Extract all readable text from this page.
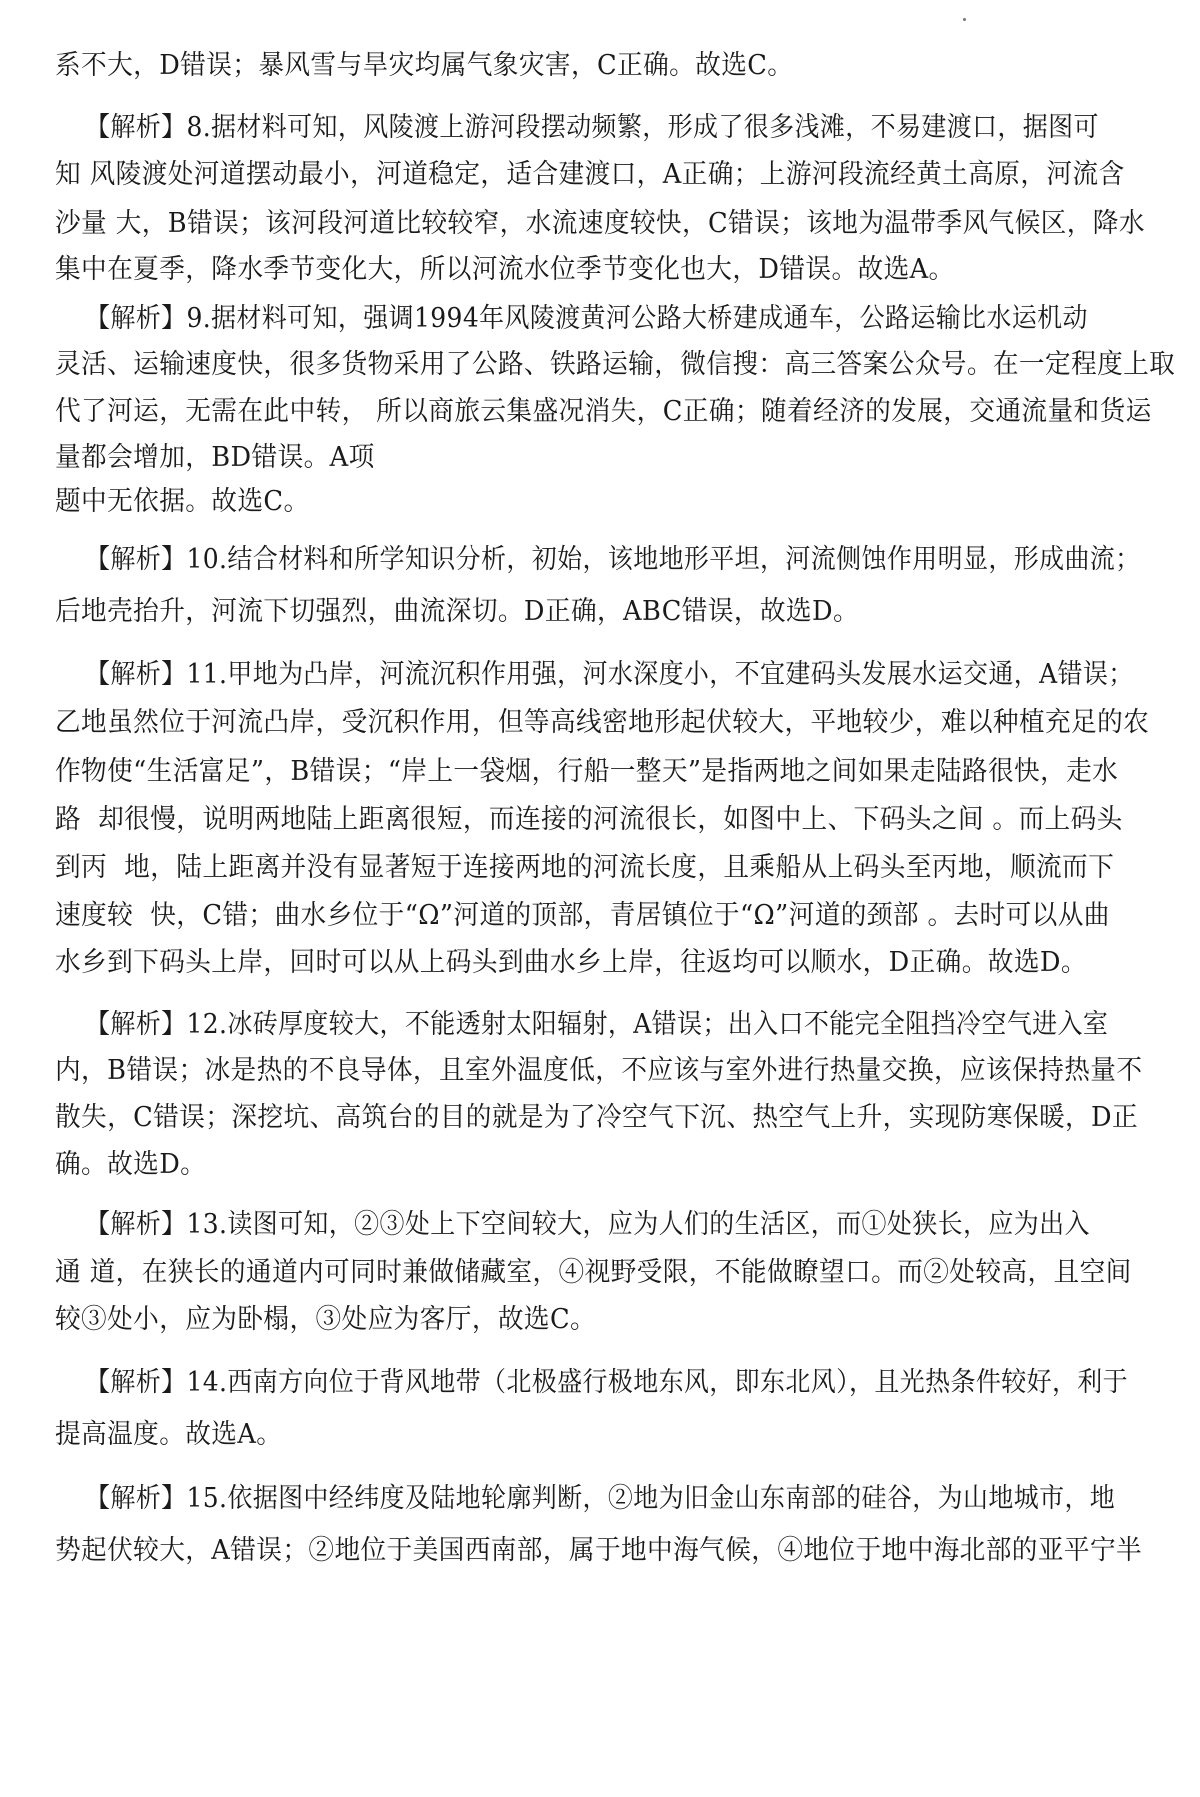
系不大，D错误；暴风雪与旱灾均属气象灾害，C正确。故选C。
【解析】8.据材料可知，风陵渡上游河段摆动频繁，形成了很多浅滩，不易建渡口，据图可
知 风陵渡处河道摆动最小，河道稳定，适合建渡口，A正确；上游河段流经黄土高原，河流含
沙量 大，B错误；该河段河道比较较窄，水流速度较快，C错误；该地为温带季风气候区，降水
集中在夏季，降水季节变化大，所以河流水位季节变化也大，D错误。故选A。
【解析】9.据材料可知，强调1994年风陵渡黄河公路大桥建成通车，公路运输比水运机动
灵活、运输速度快，很多货物采用了公路、铁路运输，微信搜：高三答案公众号。在一定程度上取
代了河运，无需在此中转， 所以商旅云集盛况消失，C正确；随着经济的发展，交通流量和货运
量都会增加，BD错误。A项
题中无依据。故选C。
【解析】10.结合材料和所学知识分析，初始，该地地形平坦，河流侧蚀作用明显，形成曲流；
后地壳抬升，河流下切强烈，曲流深切。D正确，ABC错误，故选D。
【解析】11.甲地为凸岸，河流沉积作用强，河水深度小，不宜建码头发展水运交通，A错误；
乙地虽然位于河流凸岸，受沉积作用，但等高线密地形起伏较大，平地较少，难以种植充足的农
作物使“生活富足”，B错误；“岸上一袋烟，行船一整天”是指两地之间如果走陆路很快，走水
路  却很慢，说明两地陆上距离很短，而连接的河流很长，如图中上、下码头之间 。而上码头
到丙  地，陆上距离并没有显著短于连接两地的河流长度，且乘船从上码头至丙地，顺流而下
速度较  快，C错；曲水乡位于“Ω”河道的顶部，青居镇位于“Ω”河道的颈部 。去时可以从曲
水乡到下码头上岸，回时可以从上码头到曲水乡上岸，往返均可以顺水，D正确。故选D。
【解析】12.冰砖厚度较大，不能透射太阳辐射，A错误；出入口不能完全阻挡冷空气进入室
内，B错误；冰是热的不良导体，且室外温度低，不应该与室外进行热量交换，应该保持热量不
散失，C错误；深挖坑、高筑台的目的就是为了冷空气下沉、热空气上升，实现防寒保暖，D正
确。故选D。
【解析】13.读图可知，②③处上下空间较大，应为人们的生活区，而①处狭长，应为出入
通 道，在狭长的通道内可同时兼做储藏室，④视野受限，不能做瞭望口。而②处较高，且空间
较③处小，应为卧榻，③处应为客厅，故选C。
【解析】14.西南方向位于背风地带（北极盛行极地东风，即东北风），且光热条件较好，利于
提高温度。故选A。
【解析】15.依据图中经纬度及陆地轮廓判断，②地为旧金山东南部的硅谷，为山地城市，地
势起伏较大，A错误；②地位于美国西南部，属于地中海气候，④地位于地中海北部的亚平宁半
